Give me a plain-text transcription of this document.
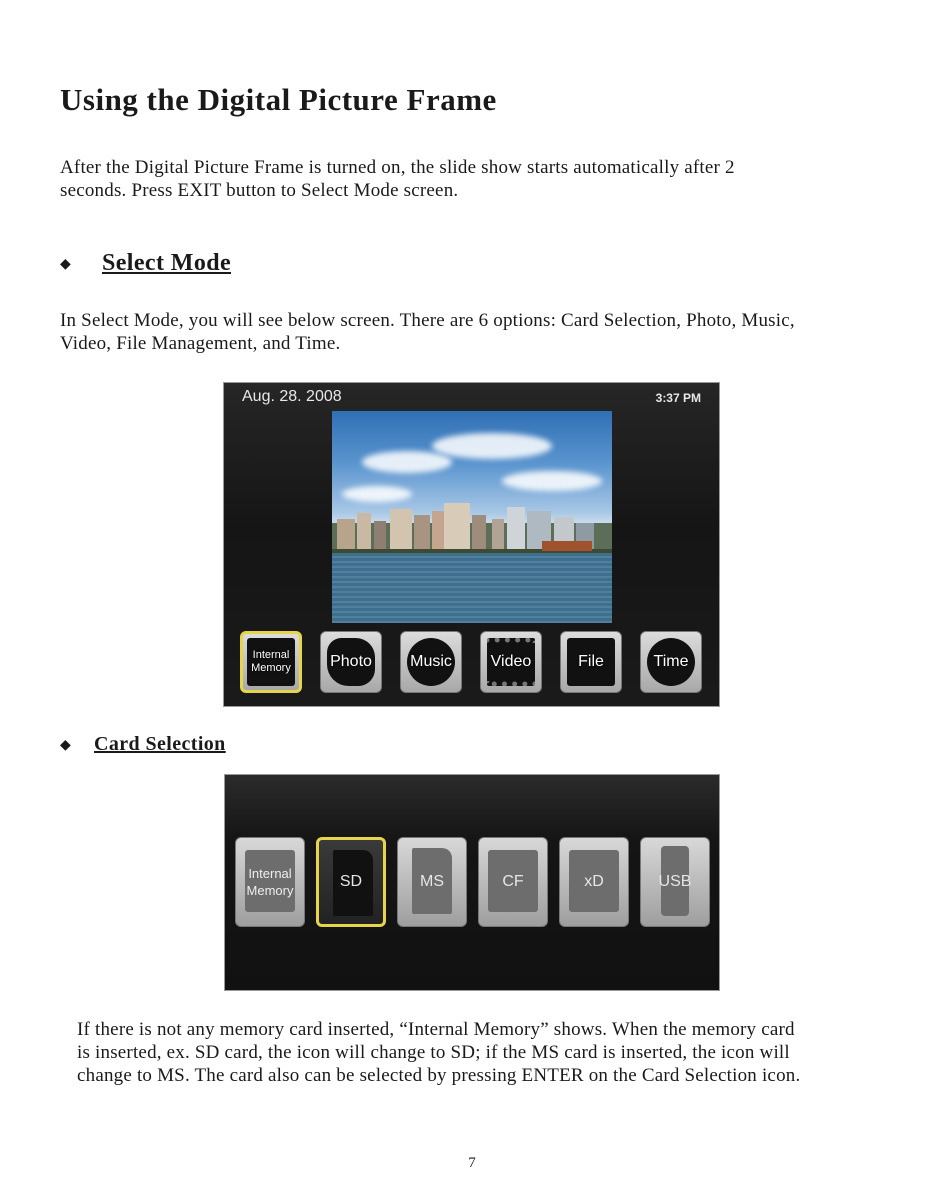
Using the Digital Picture Frame

After the Digital Picture Frame is turned on, the slide show starts automatically after 2
seconds. Press EXIT button to Select Mode screen.

◆ Select Mode

In Select Mode, you will see below screen. There are 6 options: Card Selection, Photo, Music,
Video, File Management, and Time.

Aug. 28. 2008	3:37 PM
Internal
Memory	Photo	Music	Video	File	Time
◆ Card Selection
Internal
Memory
SD	MS	CF	xD	USB

If there is not any memory card inserted, “Internal Memory” shows. When the memory card
is inserted, ex. SD card, the icon will change to SD; if the MS card is inserted, the icon will
change to MS. The card also can be selected by pressing ENTER on the Card Selection icon.

7
